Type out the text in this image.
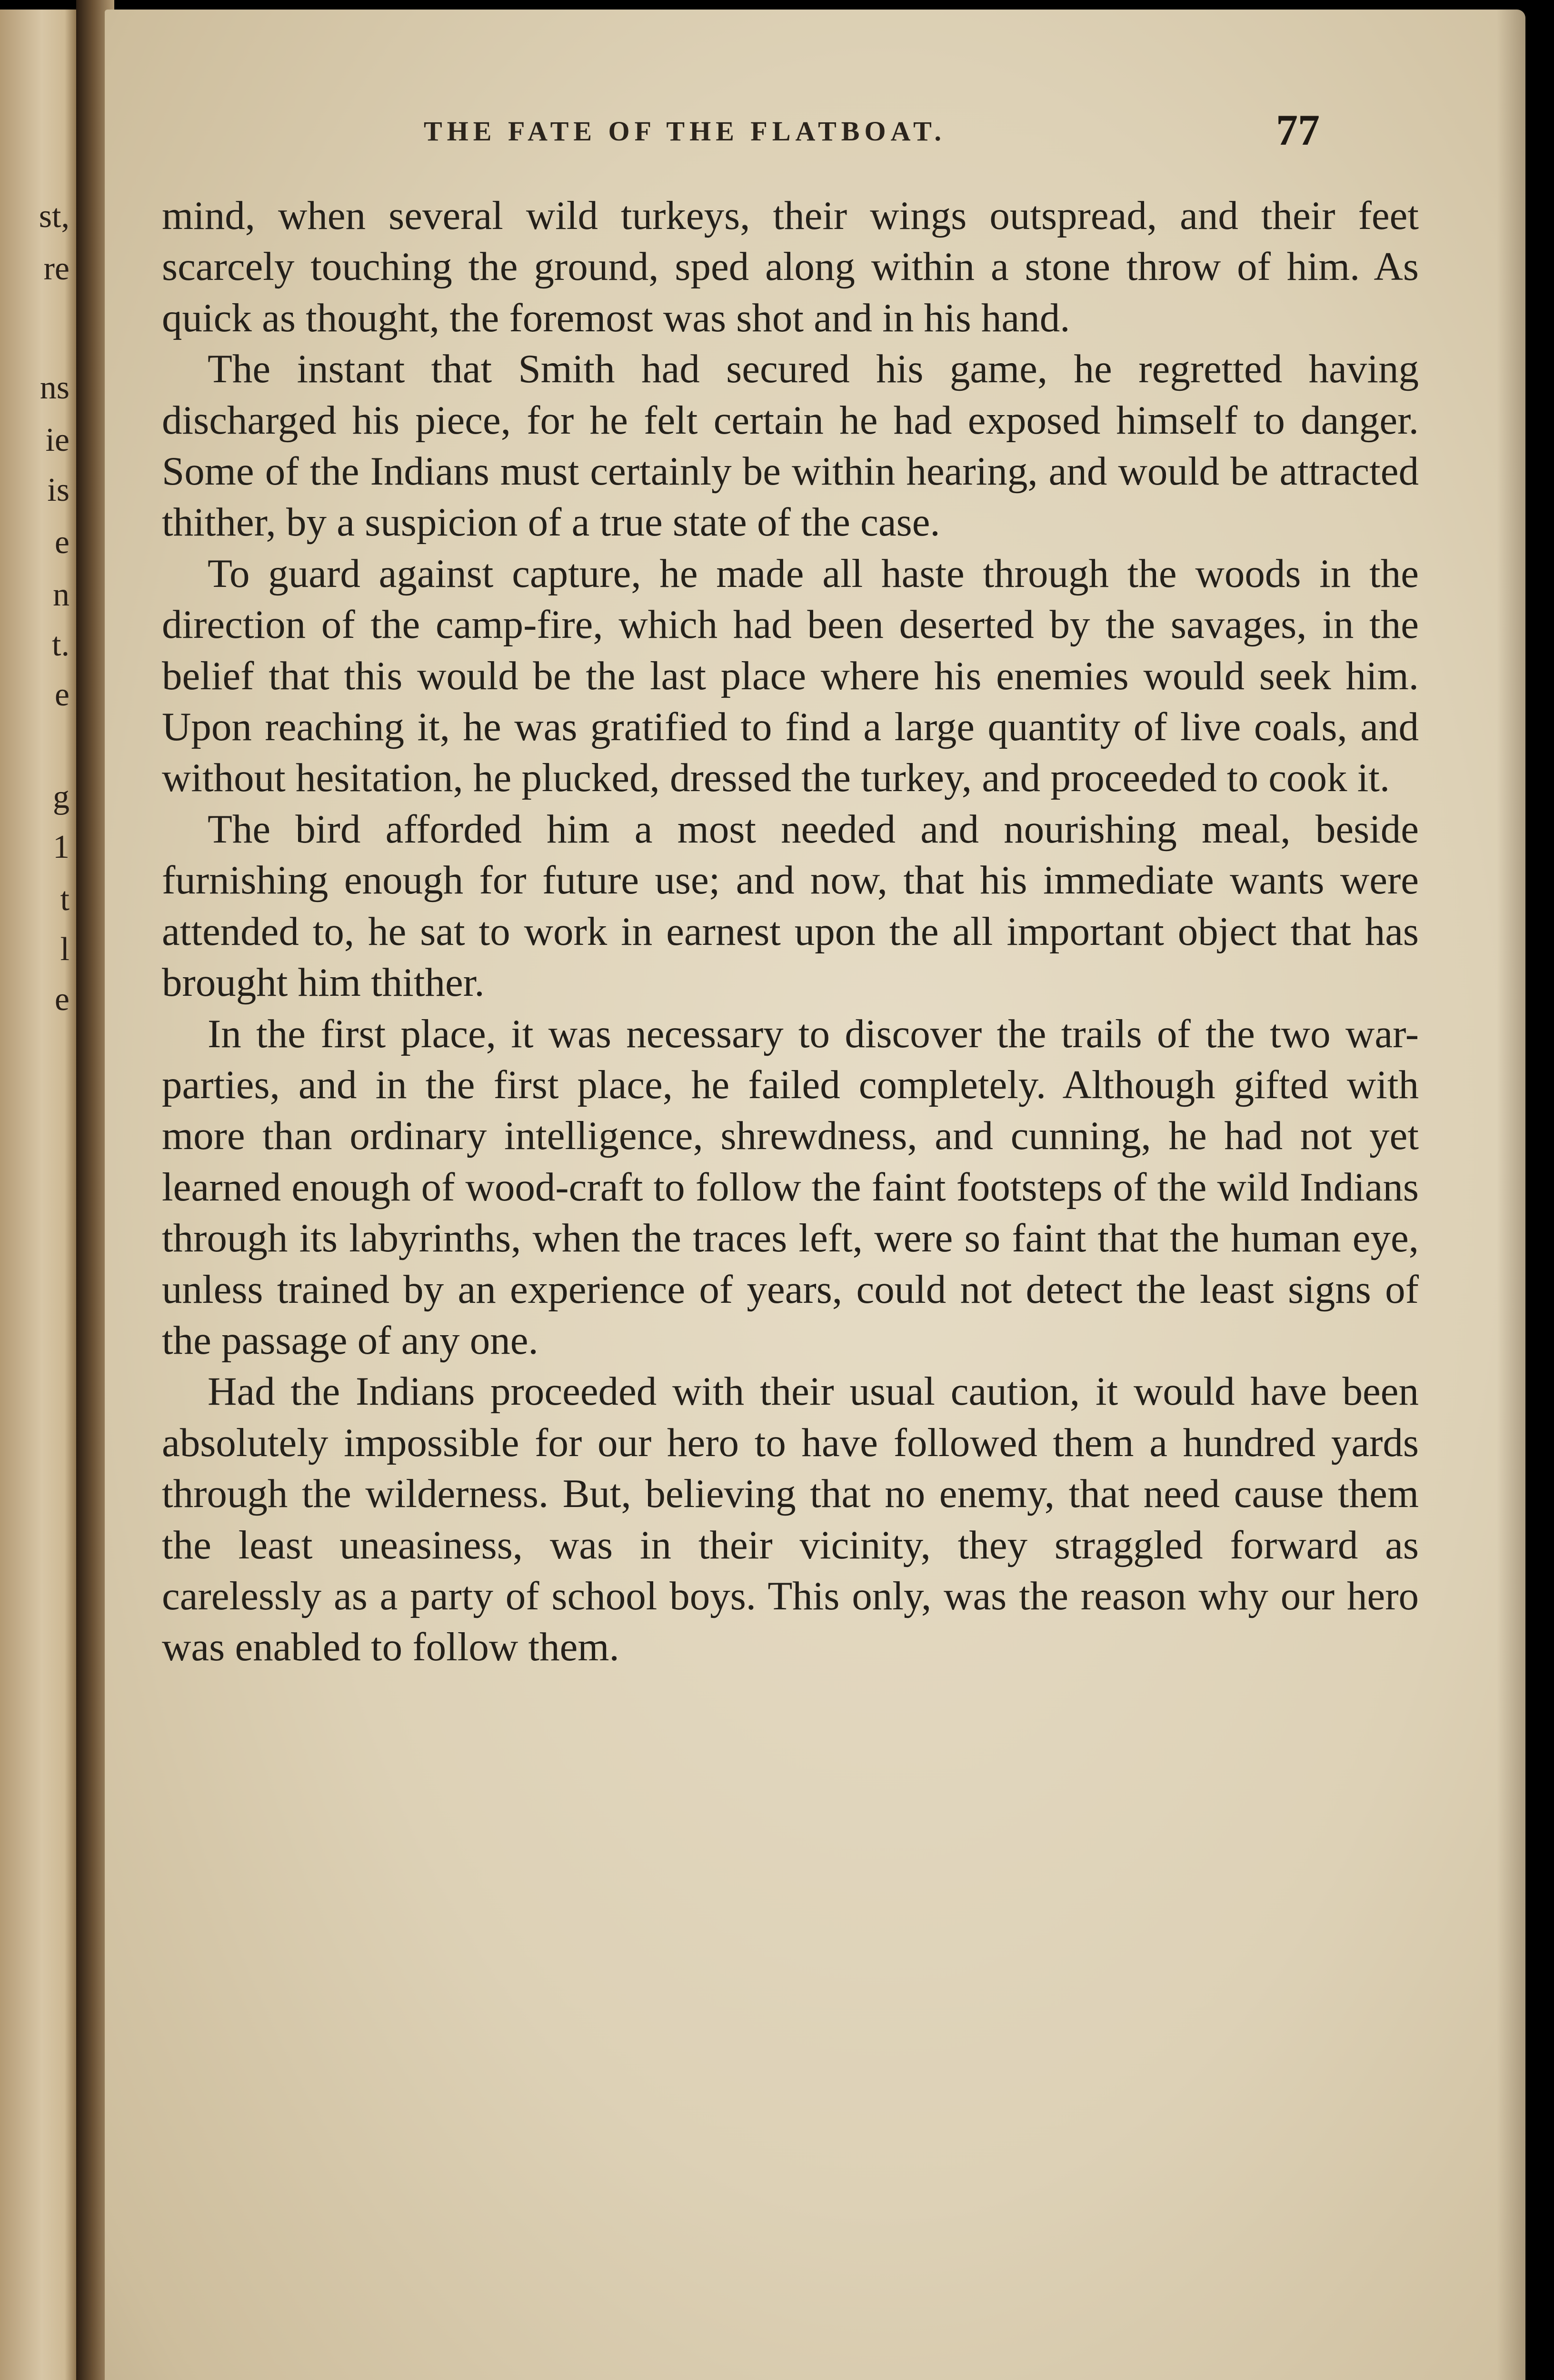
st,
re
ns
ie
is
e
n
t.
e
g
1
t
l
e
THE FATE OF THE FLATBOAT.	77

mind, when several wild turkeys, their wings outspread, and their feet scarcely touching the ground, sped along within a stone throw of him. As quick as thought, the foremost was shot and in his hand.

The instant that Smith had secured his game, he regretted having discharged his piece, for he felt certain he had exposed himself to danger. Some of the Indians must certainly be within hearing, and would be attracted thither, by a suspicion of a true state of the case.

To guard against capture, he made all haste through the woods in the direction of the camp-fire, which had been deserted by the savages, in the belief that this would be the last place where his enemies would seek him. Upon reaching it, he was gratified to find a large quantity of live coals, and without hesitation, he plucked, dressed the turkey, and proceeded to cook it.

The bird afforded him a most needed and nourishing meal, beside furnishing enough for future use; and now, that his immediate wants were attended to, he sat to work in earnest upon the all important object that has brought him thither.

In the first place, it was necessary to discover the trails of the two war-parties, and in the first place, he failed completely. Although gifted with more than ordinary intelligence, shrewdness, and cunning, he had not yet learned enough of wood-craft to follow the faint footsteps of the wild Indians through its labyrinths, when the traces left, were so faint that the human eye, unless trained by an experience of years, could not detect the least signs of the passage of any one.

Had the Indians proceeded with their usual caution, it would have been absolutely impossible for our hero to have followed them a hundred yards through the wilderness. But, believing that no enemy, that need cause them the least uneasiness, was in their vicinity, they straggled forward as carelessly as a party of school boys. This only, was the reason why our hero was enabled to follow them.
